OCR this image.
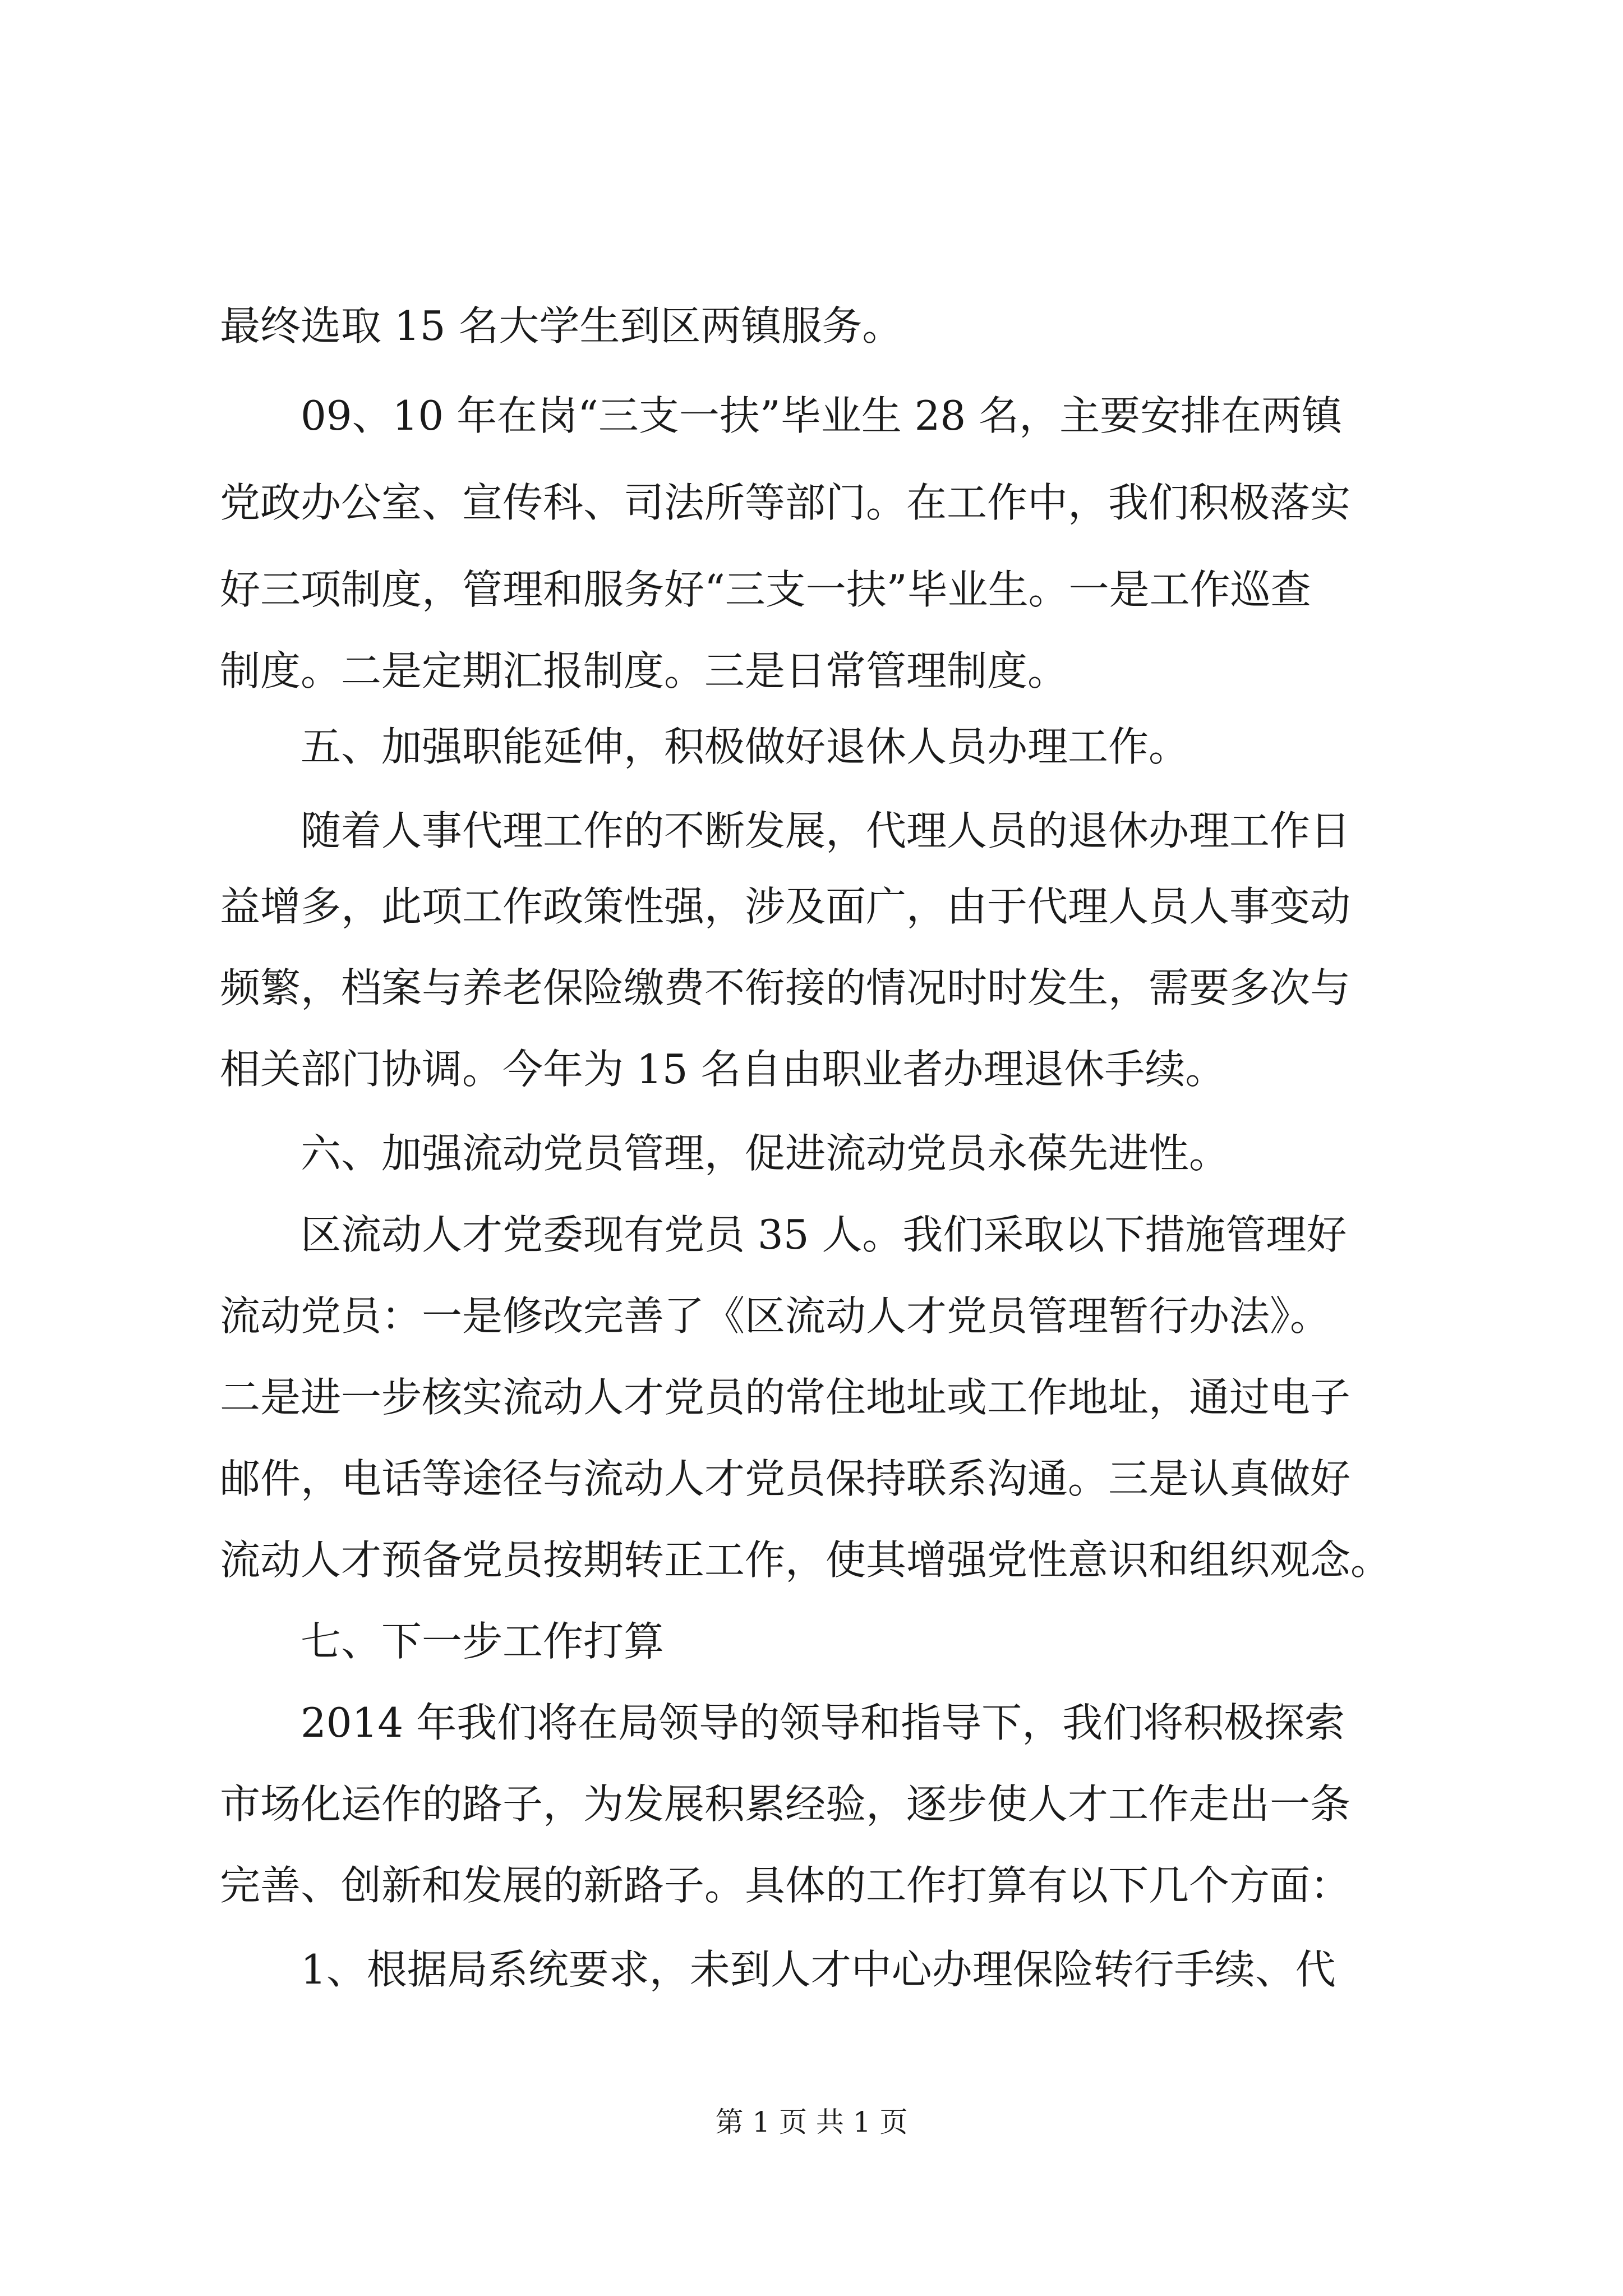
最终选取 15 名大学生到区两镇服务。

09、10 年在岗“三支一扶”毕业生 28 名，主要安排在两镇

党政办公室、宣传科、司法所等部门。在工作中，我们积极落实

好三项制度，管理和服务好“三支一扶”毕业生。一是工作巡查

制度。二是定期汇报制度。三是日常管理制度。

五、加强职能延伸，积极做好退休人员办理工作。

随着人事代理工作的不断发展，代理人员的退休办理工作日

益增多，此项工作政策性强，涉及面广，由于代理人员人事变动

频繁，档案与养老保险缴费不衔接的情况时时发生，需要多次与

相关部门协调。今年为 15 名自由职业者办理退休手续。

六、加强流动党员管理，促进流动党员永葆先进性。

区流动人才党委现有党员 35 人。我们采取以下措施管理好

流动党员：一是修改完善了《区流动人才党员管理暂行办法》。

二是进一步核实流动人才党员的常住地址或工作地址，通过电子

邮件，电话等途径与流动人才党员保持联系沟通。三是认真做好

流动人才预备党员按期转正工作，使其增强党性意识和组织观念。

七、下一步工作打算

2014 年我们将在局领导的领导和指导下，我们将积极探索

市场化运作的路子，为发展积累经验，逐步使人才工作走出一条

完善、创新和发展的新路子。具体的工作打算有以下几个方面：

1、根据局系统要求，未到人才中心办理保险转行手续、代

第 1 页 共 1 页
